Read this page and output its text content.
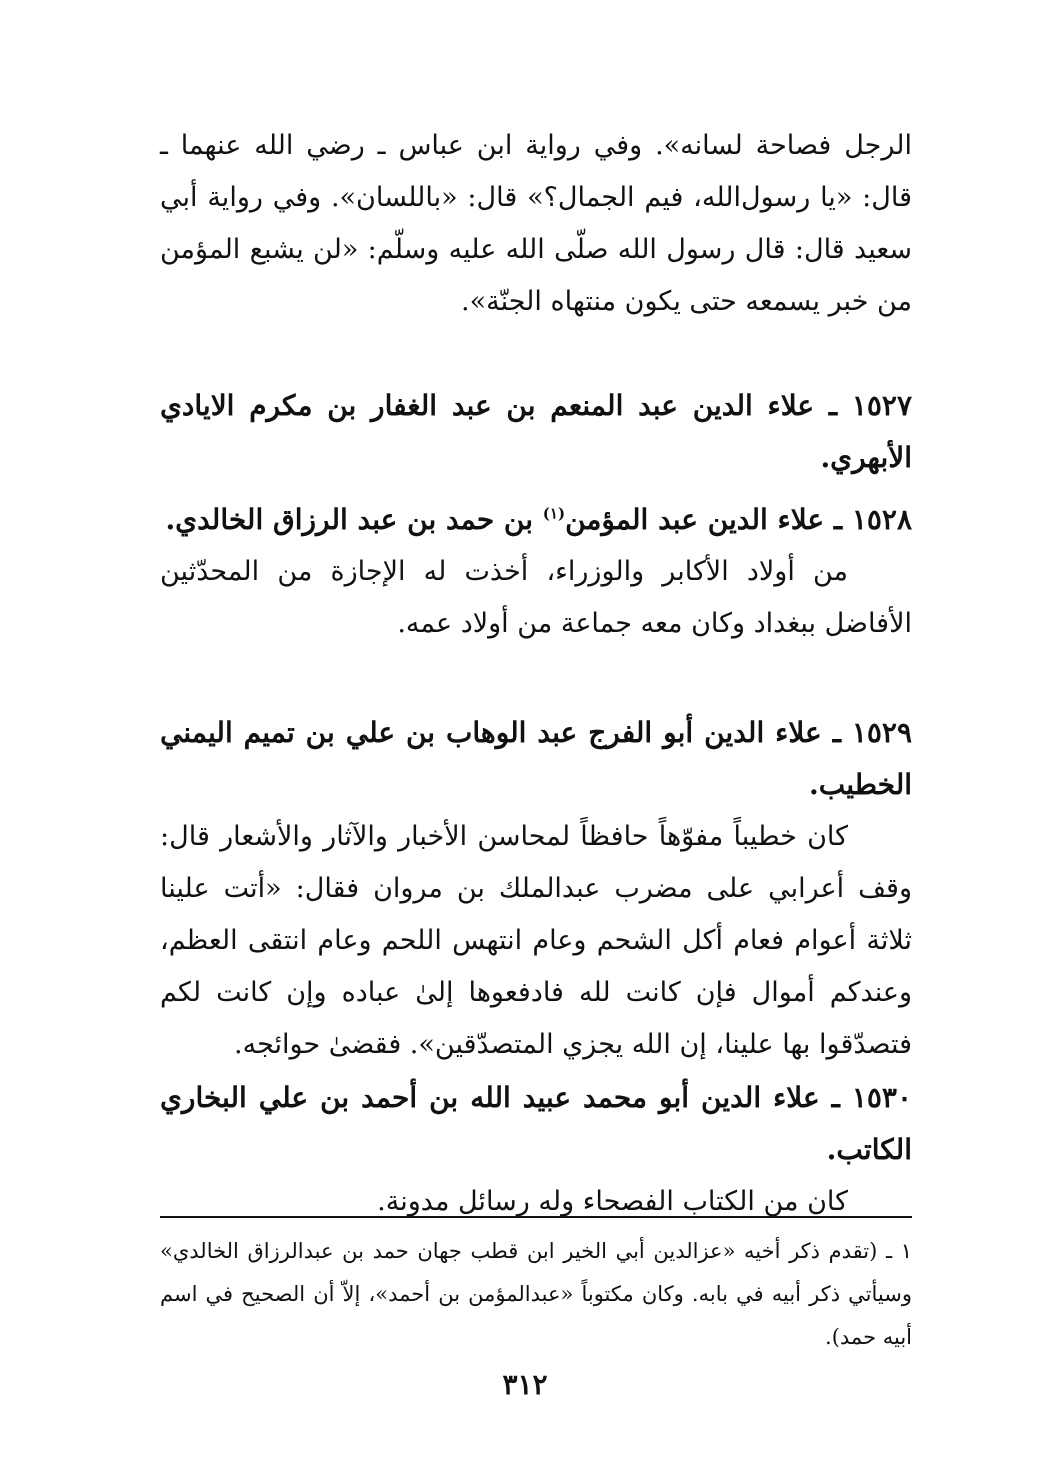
الرجل فصاحة لسانه». وفي رواية ابن عباس ـ رضي الله عنهما ـ قال: «يا رسول‌الله، فيم الجمال؟» قال: «باللسان». وفي رواية أبي سعيد قال: قال رسول الله صلّى الله عليه وسلّم: «لن يشبع المؤمن من خبر يسمعه حتى يكون منتهاه الجنّة».

١٥٢٧ ـ علاء الدين عبد المنعم بن عبد الغفار بن مكرم الايادي الأبهري.

١٥٢٨ ـ علاء الدين عبد المؤمن$^{(١)}$ بن حمد بن عبد الرزاق الخالدي.

من أولاد الأكابر والوزراء، أخذت له الإجازة من المحدّثين الأفاضل ببغداد وكان معه جماعة من أولاد عمه.

١٥٢٩ ـ علاء الدين أبو الفرج عبد الوهاب بن علي بن تميم اليمني الخطيب.

كان خطيباً مفوّهاً حافظاً لمحاسن الأخبار والآثار والأشعار قال: وقف أعرابي على مضرب عبدالملك بن مروان فقال: «أتت علينا ثلاثة أعوام فعام أكل الشحم وعام انتهس اللحم وعام انتقى العظم، وعندكم أموال فإن كانت لله فادفعوها إلىٰ عباده وإن كانت لكم فتصدّقوا بها علينا، إن الله يجزي المتصدّقين». فقضىٰ حوائجه.

١٥٣٠ ـ علاء الدين أبو محمد عبيد الله بن أحمد بن علي البخاري الكاتب.

كان من الكتاب الفصحاء وله رسائل مدونة.

١ ـ (تقدم ذكر أخيه «عزالدين أبي الخير ابن قطب جهان حمد بن عبدالرزاق الخالدي» وسيأتي ذكر أبيه في بابه. وكان مكتوباً «عبدالمؤمن بن أحمد»، إلاّ أن الصحيح في اسم أبيه حمد).

٣١٢
